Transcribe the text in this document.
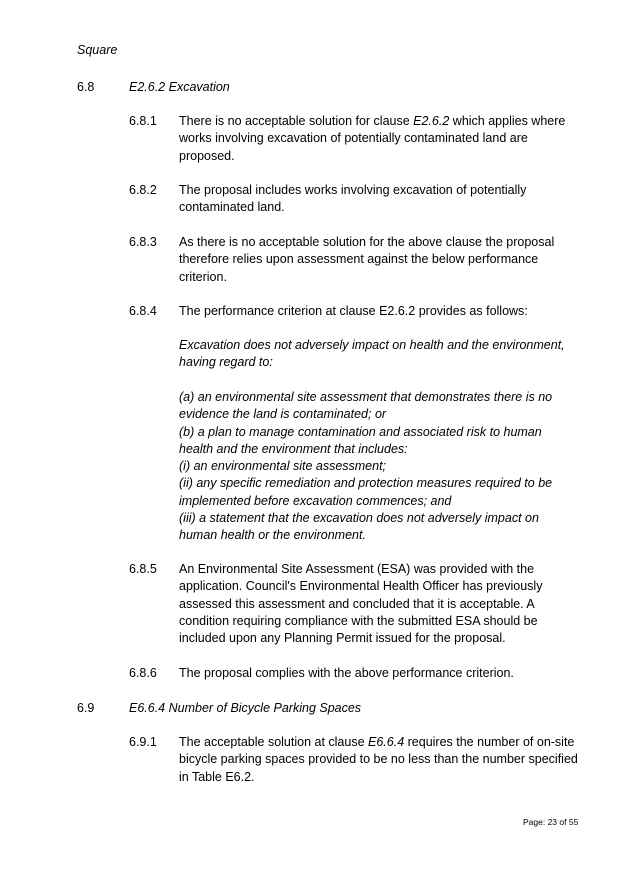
Square
6.8	E2.6.2 Excavation
6.8.1 There is no acceptable solution for clause E2.6.2 which applies where works involving excavation of potentially contaminated land are proposed.
6.8.2 The proposal includes works involving excavation of potentially contaminated land.
6.8.3 As there is no acceptable solution for the above clause the proposal therefore relies upon assessment against the below performance criterion.
6.8.4 The performance criterion at clause E2.6.2 provides as follows:
Excavation does not adversely impact on health and the environment, having regard to:

(a) an environmental site assessment that demonstrates there is no evidence the land is contaminated; or

(b) a plan to manage contamination and associated risk to human health and the environment that includes:

(i) an environmental site assessment;

(ii) any specific remediation and protection measures required to be implemented before excavation commences; and

(iii) a statement that the excavation does not adversely impact on human health or the environment.

6.8.5 An Environmental Site Assessment (ESA) was provided with the application. Council's Environmental Health Officer has previously assessed this assessment and concluded that it is acceptable. A condition requiring compliance with the submitted ESA should be included upon any Planning Permit issued for the proposal.
6.8.6 The proposal complies with the above performance criterion.
6.9	E6.6.4 Number of Bicycle Parking Spaces
6.9.1 The acceptable solution at clause E6.6.4 requires the number of on-site bicycle parking spaces provided to be no less than the number specified in Table E6.2.
Page: 23 of 55
